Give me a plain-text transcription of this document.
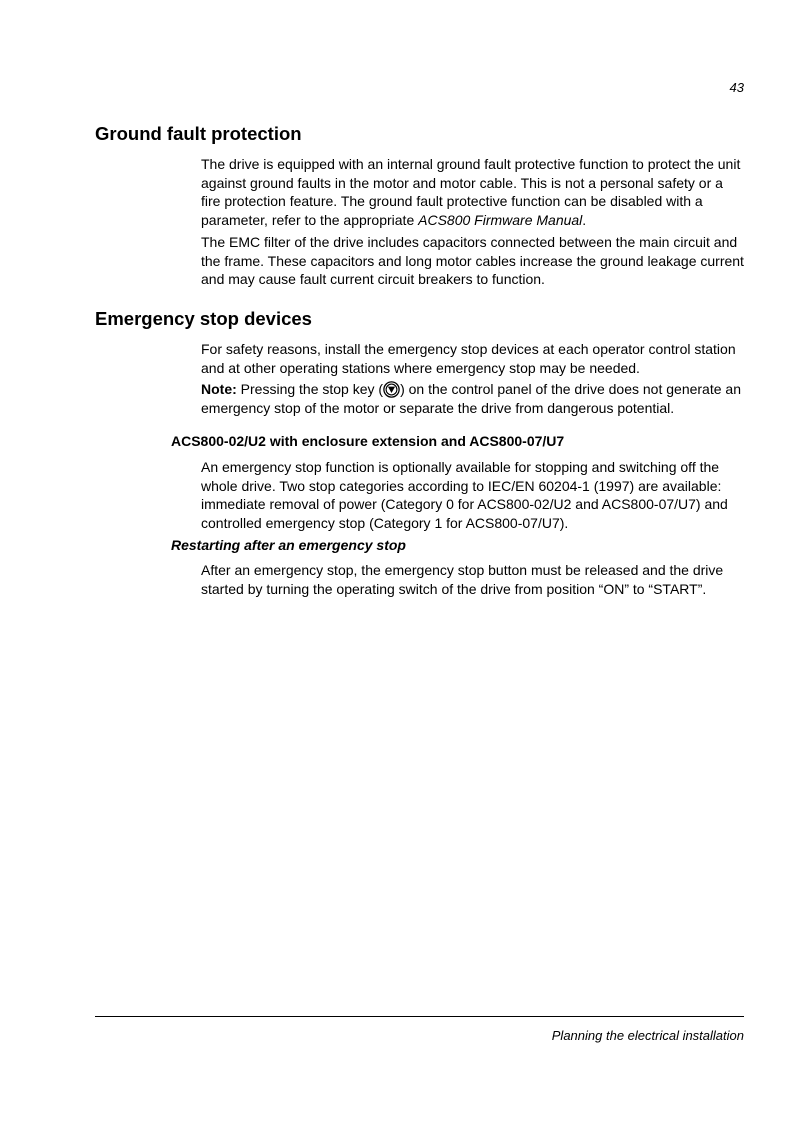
43
Ground fault protection

The drive is equipped with an internal ground fault protective function to protect the unit against ground faults in the motor and motor cable. This is not a personal safety or a fire protection feature. The ground fault protective function can be disabled with a parameter, refer to the appropriate ACS800 Firmware Manual.

The EMC filter of the drive includes capacitors connected between the main circuit and the frame. These capacitors and long motor cables increase the ground leakage current and may cause fault current circuit breakers to function.

Emergency stop devices

For safety reasons, install the emergency stop devices at each operator control station and at other operating stations where emergency stop may be needed.

Note: Pressing the stop key ( ) on the control panel of the drive does not generate an emergency stop of the motor or separate the drive from dangerous potential.

ACS800-02/U2 with enclosure extension and ACS800-07/U7

An emergency stop function is optionally available for stopping and switching off the whole drive. Two stop categories according to IEC/EN 60204-1 (1997) are available: immediate removal of power (Category 0 for ACS800-02/U2 and ACS800-07/U7) and controlled emergency stop (Category 1 for ACS800-07/U7).

Restarting after an emergency stop

After an emergency stop, the emergency stop button must be released and the drive started by turning the operating switch of the drive from position “ON” to “START”.

Planning the electrical installation
